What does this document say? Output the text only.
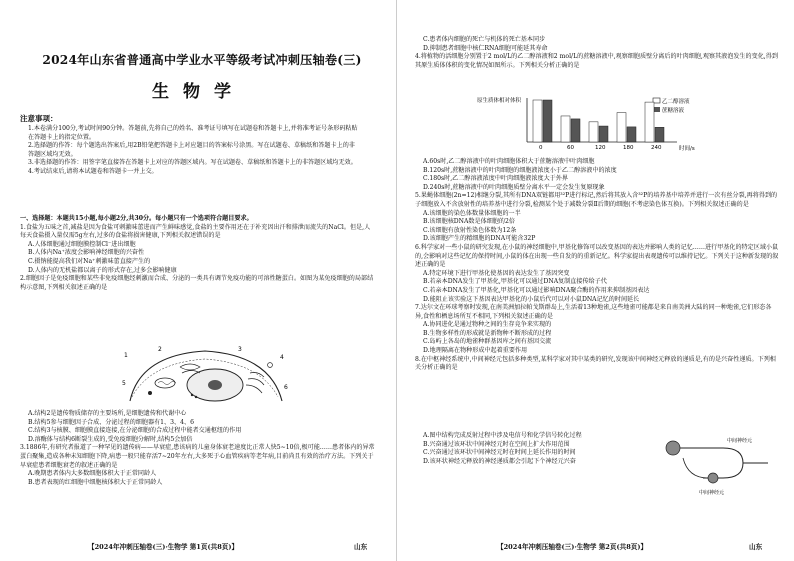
2024年山东省普通高中学业水平等级考试冲刺压轴卷(三)
生物学
注意事项：

1.本卷满分100分,考试时间90分钟。答题前,先将自己的姓名、准考证号填写在试题卷和答题卡上,并将准考证号条形码粘贴在答题卡上的指定位置。

2.选择题的作答：每个题选出答案后,用2B铅笔把答题卡上对应题目的答案标号涂黑。写在试题卷、草稿纸和答题卡上的非答题区域均无效。

3.非选择题的作答：用签字笔直接答在答题卡上对应的答题区域内。写在试题卷、草稿纸和答题卡上的非答题区域均无效。

4.考试结束后,请将本试题卷和答题卡一并上交。

一、选择题：本题共15小题,每小题2分,共30分。每小题只有一个选项符合题目要求。

1.食盐为五味之首,减盐是因为食盐可刺激味蕾进而产生鲜味感觉,食盐的主要作用还在于补充因出汗和排泄而流失的NaCl。但是,人每天食盐摄入量仅需5g左右,过多的食盐将损害健康,下列相关叙述错误的是

A.人体细胞通过细胞膜控制Cl⁻进出细胞

B.人体内Na⁺浓度会影响神经细胞的兴奋性

C.摄钠能提高我们对Na⁺刺激味蕾直接产生的

D.人体内的无机盐都以离子的形式存在,过多会影响健康

2.细胞因子是免疫细胞和某些非免疫细胞经刺激而合成、分泌的一类具有调节免疫功能的可溶性糖蛋白。如图为某免疫细胞的局部结构示意图,下列相关叙述正确的是

1
2	3
4
5
6

A.结构2是遗传物质储存的主要场所,是细胞遗传和代谢中心

B.结构5参与细胞因子合成、分泌过程的细胞器有1、3、4、6

C.结构3与核膜、细胞膜直接连接,在分泌细胞的合成过程中能者交通枢纽的作用

D.溶酶体与结构6断裂生成的,受免疫细胞分解时,结构5会加倍

3.1886年,有研究者报道了一种罕见的遗传病——早衰症,患该病的儿童身体衰老速度比正常人快5~10倍,极可能……患者体内的异常蛋白聚集,造成各种未知细胞下降,病患一般只能存活7~20年左右,大多死于心血管疾病等老年病,目前尚且有效的治疗方法。下列关于早衰症患者细胞衰老的叙述正确的是

A.晚期患者体内大多数细胞体积大于正常同龄人

B.患者表现的红细胞中细胞核体积大于正常同龄人

【2024年冲刺压轴卷(三)·生物学 第1页(共8页)】	山东

C.患者体内细胞的死亡与机体的死亡基本同步

D.抑制患者细胞中核仁RNA细胞可能延其寿命

4.将植物的活细胞分别置于2 mol/L的乙二醇溶液和2 mol/L的蔗糖溶液中,观察细胞质壁分离后的叶肉细胞,观察其液泡发生的变化,得到其原生质体体积的变化情况如图所示。下列相关分析正确的是

原生质体相对体积	乙二醇溶液
蔗糖溶液
0	60	120	180	240	时间/s

A.60s时,乙二醇溶液中的叶肉细胞体积大于蔗糖溶液中叶肉细胞

B.120s时,蔗糖溶液中的叶肉细胞的细胞液浓度小于乙二醇溶液中的浓度

C.180s时,乙二醇溶液浓度中叶肉细胞液浓度大于外界

D.240s时,蔗糖溶液中的叶肉细胞质壁分离水平一定会发生复原现象

5.果蝇体细胞(2n=12)相继分裂,其所有DNA双链都用³²P进行标记,然后将其放入含³²P的培养基中培养并进行一次有丝分裂,再将得到的子细胞放入不含放射性的培养基中进行分裂,检测某个处于减数分裂Ⅱ后期的细胞(不考虑染色体互换)。下列相关叙述正确的是

A.该细胞的染色体数量体细胞的一半

B.该细胞核DNA数是体细胞的2倍

C.该细胞有放射性染色体数为12条

D.该细胞产生的精细胞的DNA可能含32P

6.科学家对一些小鼠的研究发现,在小鼠的神经细胞中,甲基化修饰可以改变基因的表达并影响人类的记忆……进行甲基化的特定区域小鼠的,会影响对这些记忆的保持时间,小鼠的体在出现一些自发的的重新记忆。科学家提出表观遗传可以维持记忆。下列关于这种新发现的叙述正确的是

A.特定环境下进行甲基化使基因的表达发生了基因突变

B.若亲本DNA发生了甲基化,甲基化可以通过DNA复制直接传给子代

C.若亲本DNA发生了甲基化,甲基化可以通过影响DNA聚合酶的作用来抑制基因表达

D.能阻止该实验这下基因表达甲基化的小鼠后代可以对小鼠DNA记忆的时间延长

7.达尔文在环球考察时发现,在南美洲加拉帕戈斯群岛上,生活着13种地雀,这些地雀可能都是来自南美洲大陆的同一种地雀,它们形态各异,食性和栖息场所互不相同,下列相关叙述正确的是

A.协同进化是通过物种之间的生存竞争来实现的

B.生物多样性的形成就是新物种不断形成的过程

C.岛屿上各岛的地雀种群基因库之间有基因交流

D.地理隔离在物种形成中起着重要作用

8.在中枢神经系统中,中间神经元包括多种类型,某科学家对其中某类的研究,发现该中间神经元释放的递质是,有的是兴奋性递质。下列相关分析正确的是

A.图中结构完成反射过程中涉及电信号和化学信号转化过程

B.兴奋通过该环状中间神经元时在空间上扩大作用范围

C.兴奋通过该环状中间神经元时在时间上延长作用的时间

D.该环状神经元释放的神经递质都会引起下个神经元兴奋

中间神经元
中间神经元
【2024年冲刺压轴卷(三)·生物学 第2页(共8页)】	山东
